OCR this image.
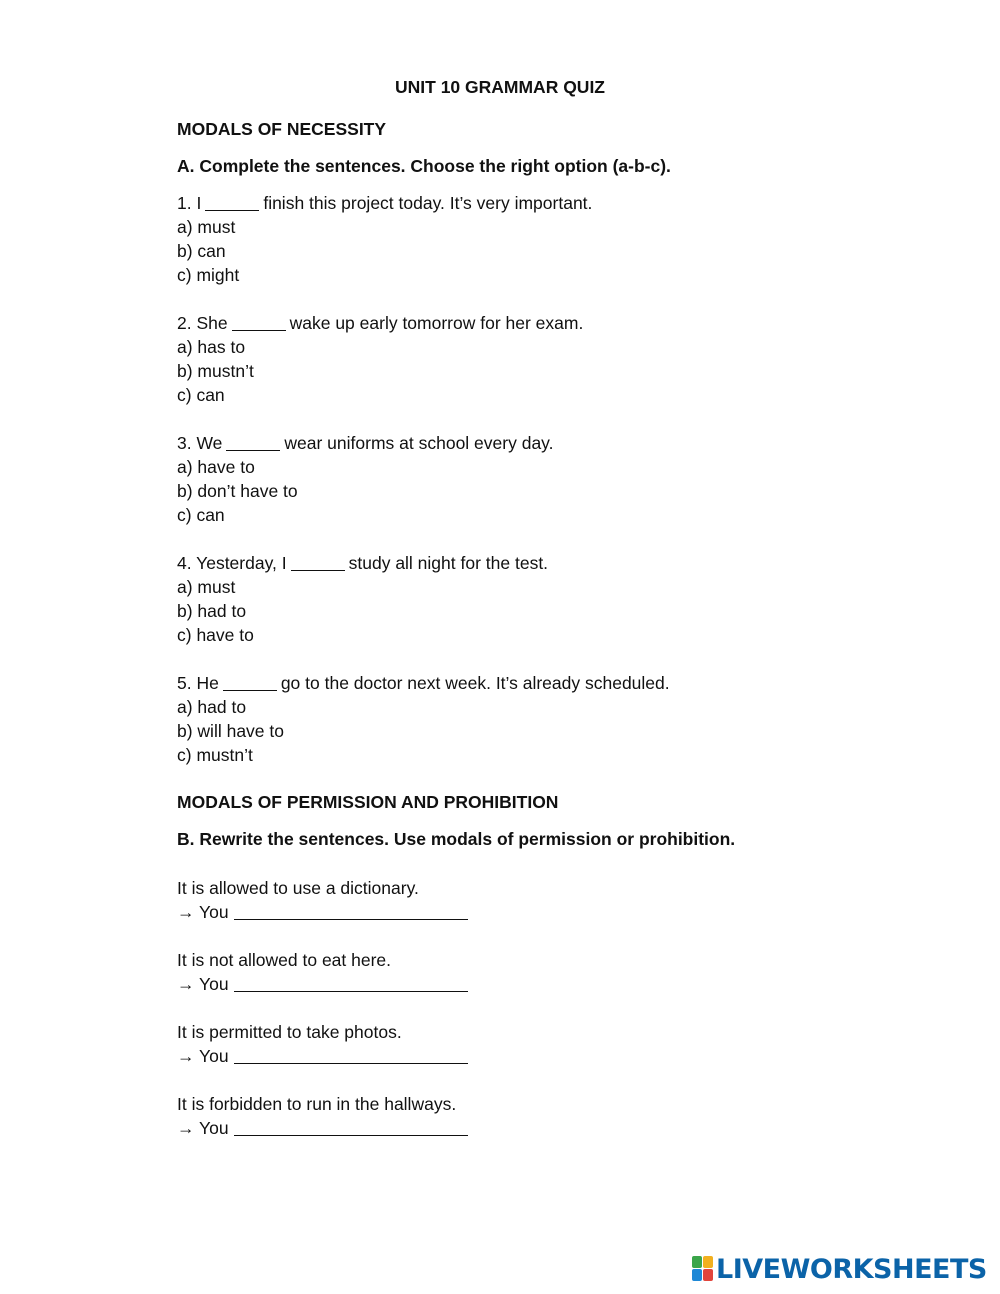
UNIT 10 GRAMMAR QUIZ
MODALS OF NECESSITY
A. Complete the sentences. Choose the right option (a-b-c).
1. I	finish this project today. It’s very important.
a) must
b) can
c) might
2. She	wake up early tomorrow for her exam.
a) has to
b) mustn’t
c) can
3. We	wear uniforms at school every day.
a) have to
b) don’t have to
c) can
4. Yesterday, I	study all night for the test.
a) must
b) had to
c) have to
5. He	go to the doctor next week. It’s already scheduled.
a) had to
b) will have to
c) mustn’t
MODALS OF PERMISSION AND PROHIBITION
B. Rewrite the sentences. Use modals of permission or prohibition.
It is allowed to use a dictionary.
→ You
It is not allowed to eat here.
→ You
It is permitted to take photos.
→ You
It is forbidden to run in the hallways.
→ You
LIVEWORKSHEETS
